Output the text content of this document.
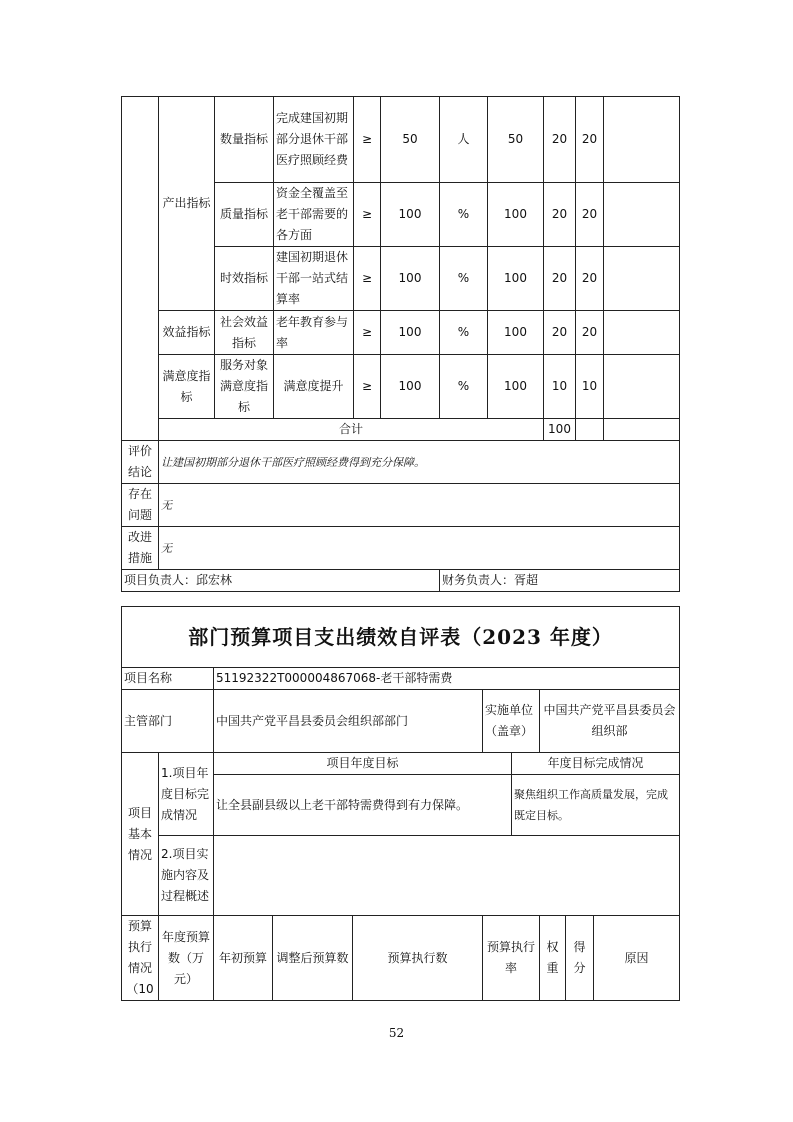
	产出指标	数量指标	完成建国初期部分退休干部医疗照顾经费	≥	50	人	50	20	20	
		质量指标	资金全覆盖至老干部需要的各方面	≥	100	%	100	20	20	
		时效指标	建国初期退休干部一站式结算率	≥	100	%	100	20	20	
	效益指标	社会效益指标	老年教育参与率	≥	100	%	100	20	20	
	满意度指标	服务对象满意度指标	满意度提升	≥	100	%	100	10	10	
	合计							100		
评价结论	让建国初期部分退休干部医疗照顾经费得到充分保障。									
存在问题	无									
改进措施	无									
项目负责人：邱宏林						财务负责人：胥超				
部门预算项目支出绩效自评表（2023 年度）									
项目名称		51192322T000004867068-老干部特需费							
主管部门		中国共产党平昌县委员会组织部部门			实施单位（盖章）		中国共产党平昌县委员会组织部		
项目基本情况	1.项目年度目标完成情况	项目年度目标				年度目标完成情况			
		让全县副县级以上老干部特需费得到有力保障。				聚焦组织工作高质量发展，完成既定目标。			
	2.项目实施内容及过程概述								

预算执行情况（10	年度预算数（万元）	年初预算	调整后预算数	预算执行数	预算执行率		权重	得分	原因
52
